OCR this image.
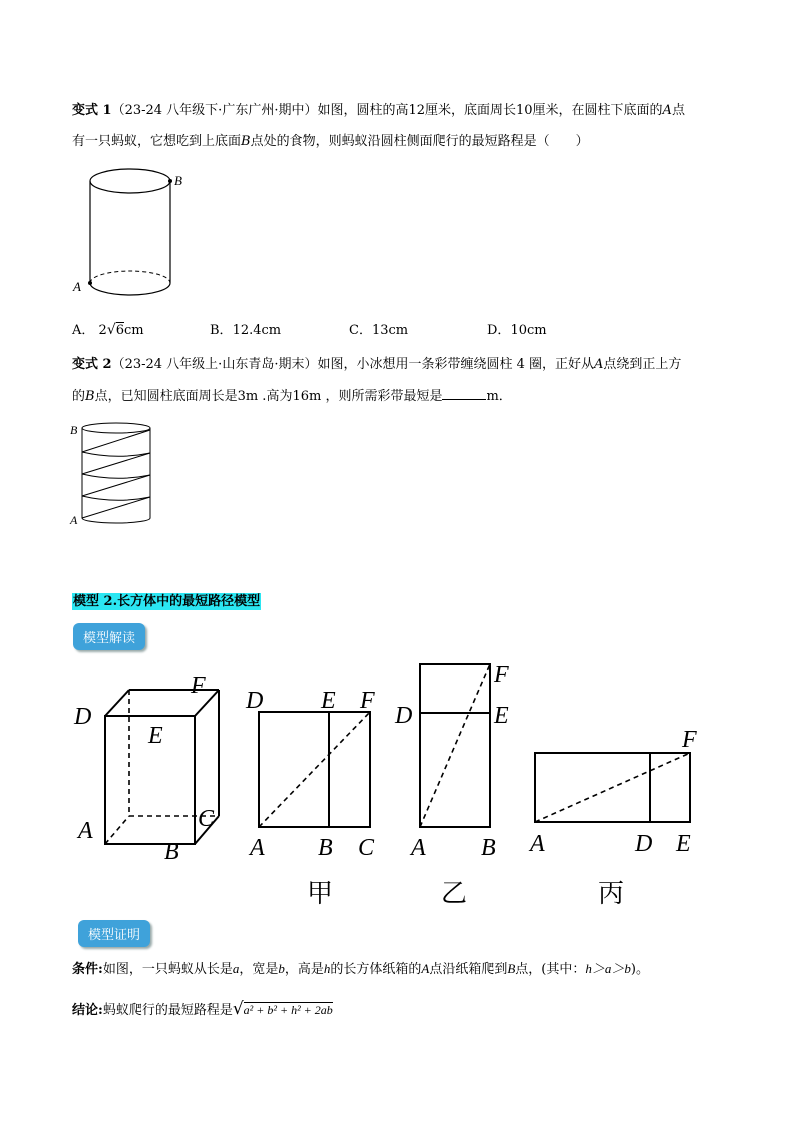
变式 1（23-24 八年级下·广东广州·期中）如图，圆柱的高12厘米，底面周长10厘米，在圆柱下底面的A点
有一只蚂蚁，它想吃到上底面B点处的食物，则蚂蚁沿圆柱侧面爬行的最短路程是（　　）
B
A
A． 2√6cm	B．12.4cm	C．13cm	D．10cm
变式 2（23-24 八年级上·山东青岛·期末）如图，小冰想用一条彩带缠绕圆柱 4 圈，正好从A点绕到正上方
的B点，已知圆柱底面周长是3m .高为16m ，则所需彩带最短是	m．
B
A
模型 2.长方体中的最短路径模型
模型解读
F
D
E
C
A
B
D E F
A B C
甲
F
D	E
A B
乙
F
A	D E
丙
模型证明
条件:如图，一只蚂蚁从长是a，宽是b，高是h的长方体纸箱的A点沿纸箱爬到B点，(其中：h＞a＞b)。
结论:蚂蚁爬行的最短路程是√a² + b² + h² + 2ab
